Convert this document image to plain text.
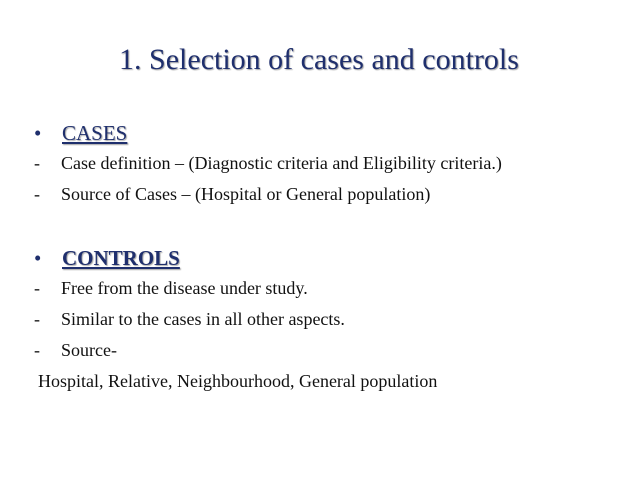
1. Selection of cases and controls
• CASES
- Case definition – (Diagnostic criteria and Eligibility criteria.)
- Source of Cases – (Hospital or General population)
• CONTROLS
- Free from the disease under study.
- Similar to the cases in all other aspects.
- Source-
Hospital, Relative, Neighbourhood, General population
